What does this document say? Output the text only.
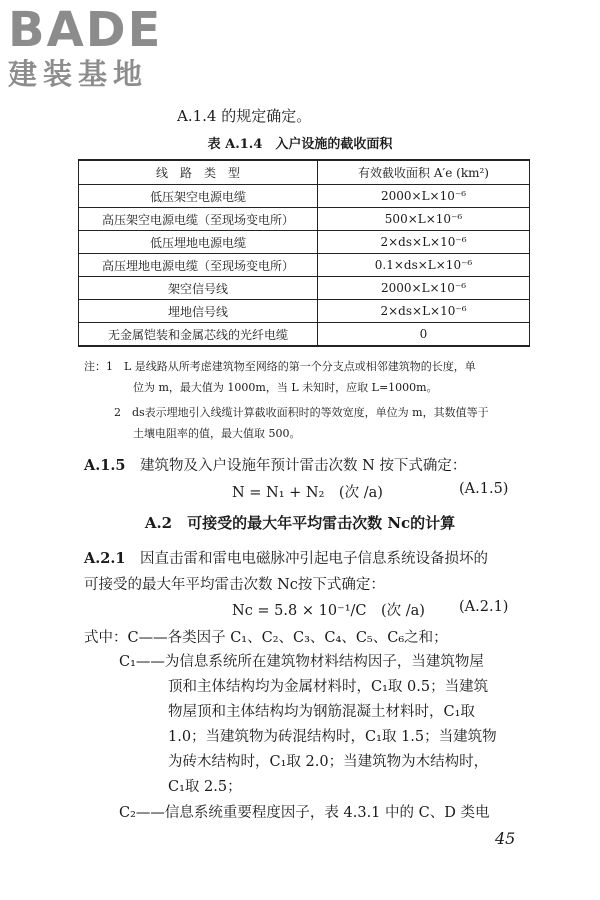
BADE
建装基地
A.1.4 的规定确定。
表 A.1.4　入户设施的截收面积
线　路　类　型	有效截收面积 A′e (km²)
低压架空电源电缆	2000×L×10⁻⁶
高压架空电源电缆（至现场变电所）	500×L×10⁻⁶
低压埋地电源电缆	2×ds×L×10⁻⁶
高压埋地电源电缆（至现场变电所）	0.1×ds×L×10⁻⁶
架空信号线	2000×L×10⁻⁶
埋地信号线	2×ds×L×10⁻⁶
无金属铠装和金属芯线的光纤电缆	0
注：1　L 是线路从所考虑建筑物至网络的第一个分支点或相邻建筑物的长度，单
位为 m，最大值为 1000m，当 L 未知时，应取 L=1000m。
2　ds表示埋地引入线缆计算截收面积时的等效宽度，单位为 m，其数值等于
土壤电阻率的值，最大值取 500。
A.1.5　建筑物及入户设施年预计雷击次数 N 按下式确定：
N = N₁ + N₂　(次 /a)	(A.1.5)
A.2　可接受的最大年平均雷击次数 Nc的计算
A.2.1　因直击雷和雷电电磁脉冲引起电子信息系统设备损坏的
可接受的最大年平均雷击次数 Nc按下式确定：
Nc = 5.8 × 10⁻¹/C　(次 /a) (A.2.1)
式中：C——各类因子 C₁、C₂、C₃、C₄、C₅、C₆之和；
C₁——为信息系统所在建筑物材料结构因子，当建筑物屋
顶和主体结构均为金属材料时，C₁取 0.5；当建筑
物屋顶和主体结构均为钢筋混凝土材料时，C₁取
1.0；当建筑物为砖混结构时，C₁取 1.5；当建筑物
为砖木结构时，C₁取 2.0；当建筑物为木结构时，
C₁取 2.5；
C₂——信息系统重要程度因子，表 4.3.1 中的 C、D 类电
45
